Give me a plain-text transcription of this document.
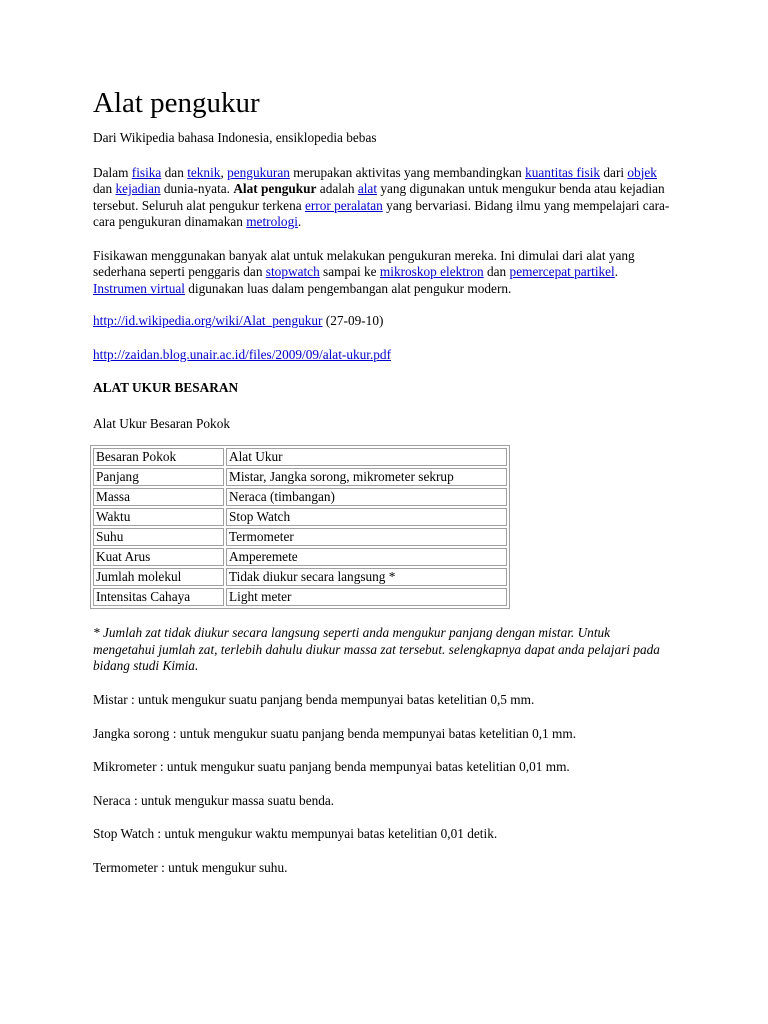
Alat pengukur

Dari Wikipedia bahasa Indonesia, ensiklopedia bebas

Dalam fisika dan teknik, pengukuran merupakan aktivitas yang membandingkan kuantitas fisik dari objek dan kejadian dunia-nyata. Alat pengukur adalah alat yang digunakan untuk mengukur benda atau kejadian tersebut. Seluruh alat pengukur terkena error peralatan yang bervariasi. Bidang ilmu yang mempelajari cara-cara pengukuran dinamakan metrologi.

Fisikawan menggunakan banyak alat untuk melakukan pengukuran mereka. Ini dimulai dari alat yang sederhana seperti penggaris dan stopwatch sampai ke mikroskop elektron dan pemercepat partikel. Instrumen virtual digunakan luas dalam pengembangan alat pengukur modern.

http://id.wikipedia.org/wiki/Alat_pengukur (27-09-10)

http://zaidan.blog.unair.ac.id/files/2009/09/alat-ukur.pdf

ALAT UKUR BESARAN

Alat Ukur Besaran Pokok

Besaran Pokok	Alat Ukur
Panjang	Mistar, Jangka sorong, mikrometer sekrup
Massa	Neraca (timbangan)
Waktu	Stop Watch
Suhu	Termometer
Kuat Arus	Amperemete
Jumlah molekul	Tidak diukur secara langsung *
Intensitas Cahaya	Light meter

* Jumlah zat tidak diukur secara langsung seperti anda mengukur panjang dengan mistar. Untuk mengetahui jumlah zat, terlebih dahulu diukur massa zat tersebut. selengkapnya dapat anda pelajari pada bidang studi Kimia.

Mistar : untuk mengukur suatu panjang benda mempunyai batas ketelitian 0,5 mm.

Jangka sorong : untuk mengukur suatu panjang benda mempunyai batas ketelitian 0,1 mm.

Mikrometer : untuk mengukur suatu panjang benda mempunyai batas ketelitian 0,01 mm.

Neraca : untuk mengukur massa suatu benda.

Stop Watch : untuk mengukur waktu mempunyai batas ketelitian 0,01 detik.

Termometer : untuk mengukur suhu.
